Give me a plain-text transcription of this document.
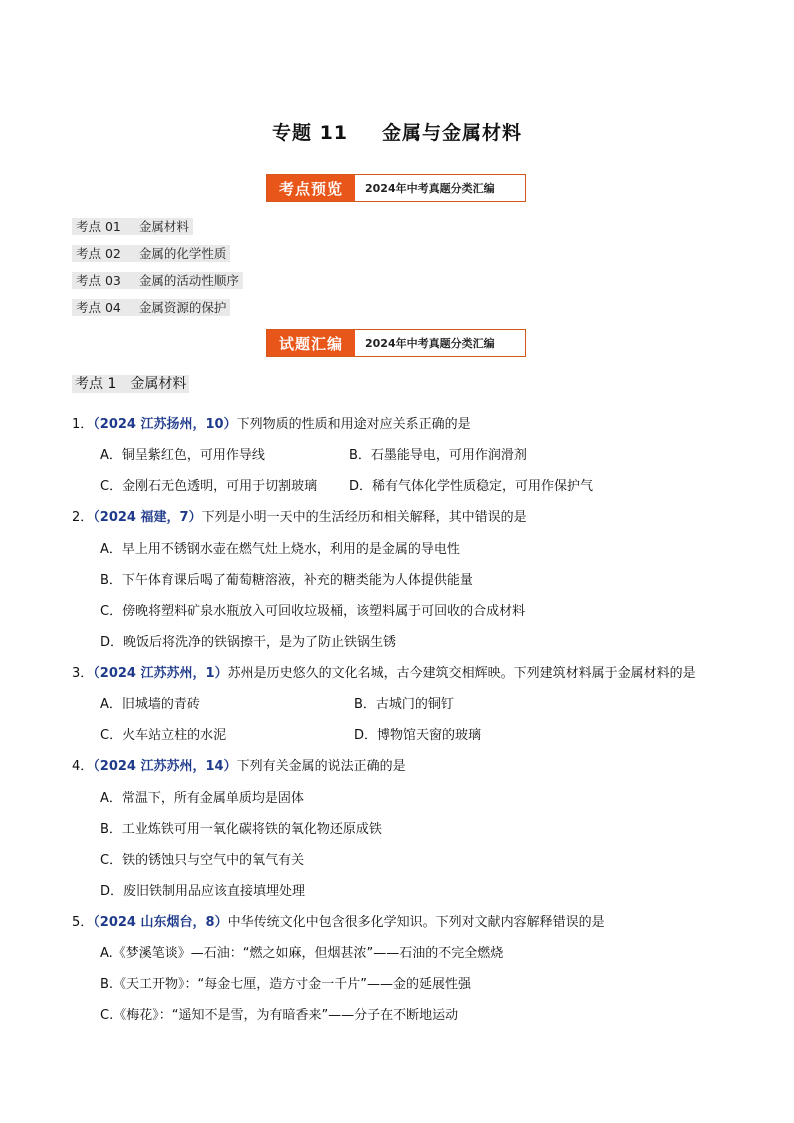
专题 11 金属与金属材料
考点预览	2024年中考真题分类汇编
考点 01 金属材料
考点 02 金属的化学性质
考点 03 金属的活动性顺序
考点 04 金属资源的保护
试题汇编	2024年中考真题分类汇编
考点 1 金属材料
1．（2024 江苏扬州，10）下列物质的性质和用途对应关系正确的是
A．铜呈紫红色，可用作导线	B．石墨能导电，可用作润滑剂
C．金刚石无色透明，可用于切割玻璃 D．稀有气体化学性质稳定，可用作保护气
2．（2024 福建，7）下列是小明一天中的生活经历和相关解释，其中错误的是
A．早上用不锈钢水壶在燃气灶上烧水，利用的是金属的导电性
B．下午体育课后喝了葡萄糖溶液，补充的糖类能为人体提供能量
C．傍晚将塑料矿泉水瓶放入可回收垃圾桶，该塑料属于可回收的合成材料
D．晚饭后将洗净的铁锅擦干，是为了防止铁锅生锈
3．（2024 江苏苏州，1）苏州是历史悠久的文化名城，古今建筑交相辉映。下列建筑材料属于金属材料的是
A．旧城墙的青砖	B．古城门的铜钉
C．火车站立柱的水泥	D．博物馆天窗的玻璃
4．（2024 江苏苏州，14）下列有关金属的说法正确的是
A．常温下，所有金属单质均是固体
B．工业炼铁可用一氧化碳将铁的氧化物还原成铁
C．铁的锈蚀只与空气中的氧气有关
D．废旧铁制用品应该直接填埋处理
5．（2024 山东烟台，8）中华传统文化中包含很多化学知识。下列对文献内容解释错误的是
A.《梦溪笔谈》—石油：“燃之如麻，但烟甚浓”——石油的不完全燃烧
B.《天工开物》：“每金七厘，造方寸金一千片”——金的延展性强
C.《梅花》：“遥知不是雪，为有暗香来”——分子在不断地运动
